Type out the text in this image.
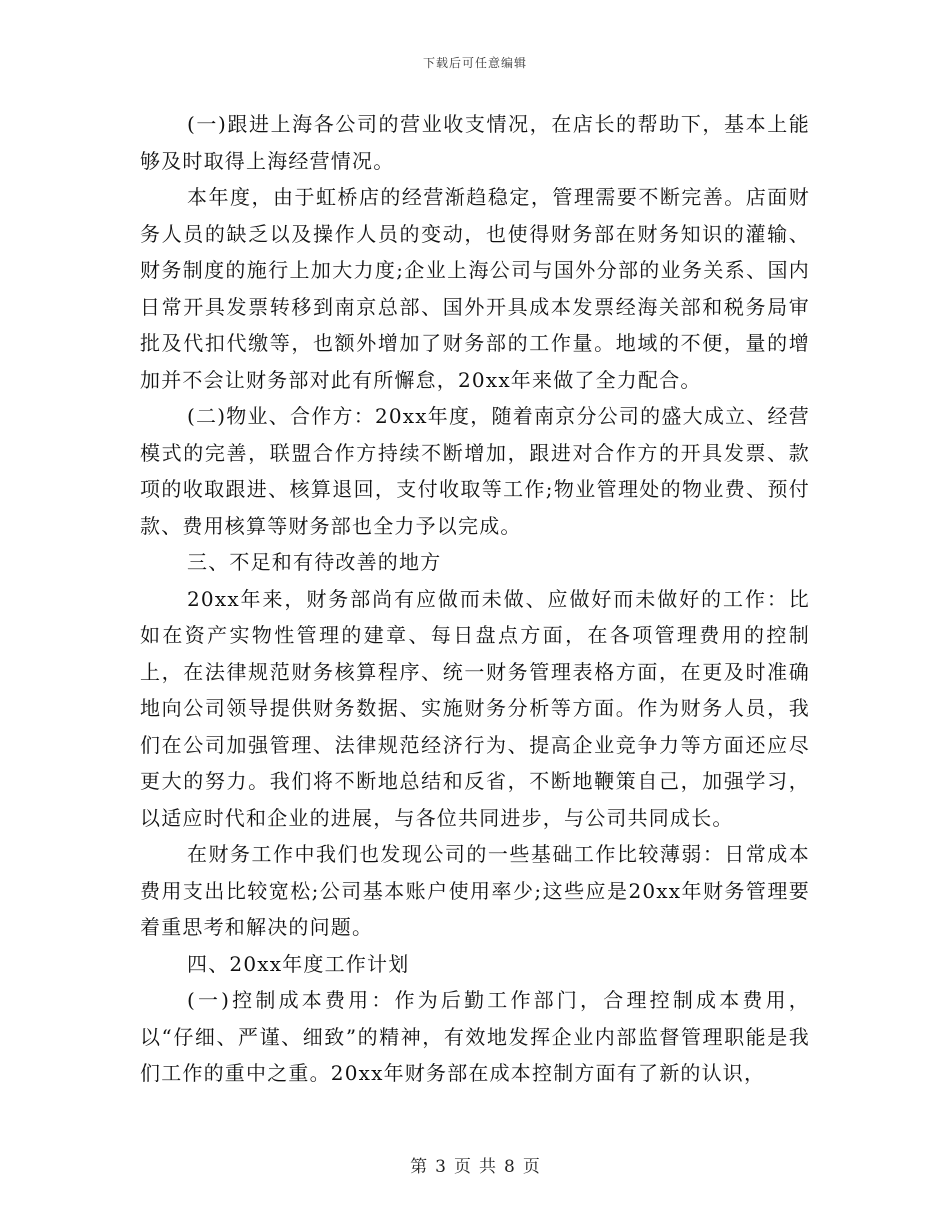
下载后可任意编辑

(一)跟进上海各公司的营业收支情况，在店长的帮助下，基本上能够及时取得上海经营情况。

本年度，由于虹桥店的经营渐趋稳定，管理需要不断完善。店面财务人员的缺乏以及操作人员的变动，也使得财务部在财务知识的灌输、财务制度的施行上加大力度;企业上海公司与国外分部的业务关系、国内日常开具发票转移到南京总部、国外开具成本发票经海关部和税务局审批及代扣代缴等，也额外增加了财务部的工作量。地域的不便，量的增加并不会让财务部对此有所懈怠，20xx年来做了全力配合。

(二)物业、合作方：20xx年度，随着南京分公司的盛大成立、经营模式的完善，联盟合作方持续不断增加，跟进对合作方的开具发票、款项的收取跟进、核算退回，支付收取等工作;物业管理处的物业费、预付款、费用核算等财务部也全力予以完成。

三、不足和有待改善的地方

20xx年来，财务部尚有应做而未做、应做好而未做好的工作：比如在资产实物性管理的建章、每日盘点方面，在各项管理费用的控制上，在法律规范财务核算程序、统一财务管理表格方面，在更及时准确地向公司领导提供财务数据、实施财务分析等方面。作为财务人员，我们在公司加强管理、法律规范经济行为、提高企业竞争力等方面还应尽更大的努力。我们将不断地总结和反省，不断地鞭策自己，加强学习，以适应时代和企业的进展，与各位共同进步，与公司共同成长。

在财务工作中我们也发现公司的一些基础工作比较薄弱：日常成本费用支出比较宽松;公司基本账户使用率少;这些应是20xx年财务管理要着重思考和解决的问题。

四、20xx年度工作计划

(一)控制成本费用：作为后勤工作部门，合理控制成本费用，以“仔细、严谨、细致”的精神，有效地发挥企业内部监督管理职能是我们工作的重中之重。20xx年财务部在成本控制方面有了新的认识，

第 3 页 共 8 页
